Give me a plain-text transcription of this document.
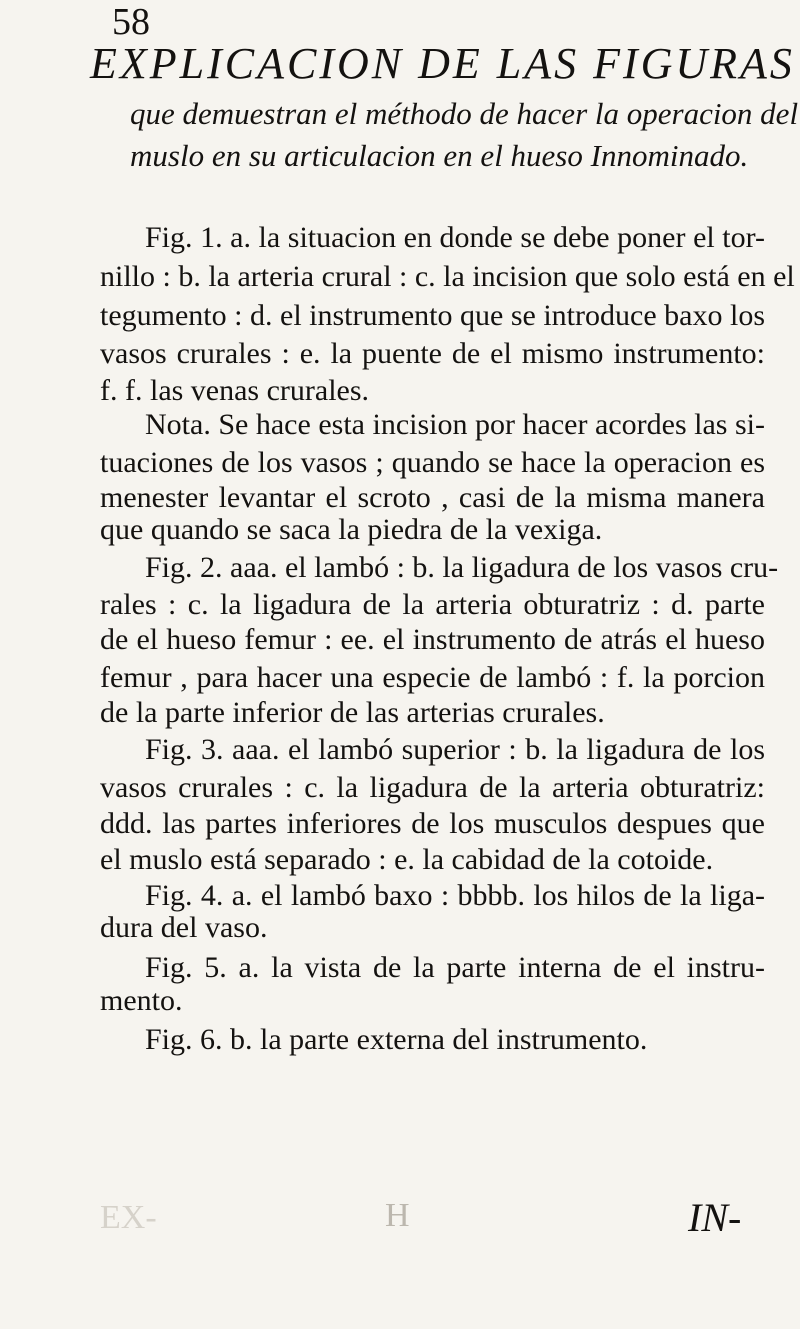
58
EXPLICACION DE LAS FIGURAS
que demuestran el méthodo de hacer la operacion del
muslo en su articulacion en el hueso Innominado.
Fig. 1. a. la situacion en donde se debe poner el tor-
nillo : b. la arteria crural : c. la incision que solo está en el
tegumento : d. el instrumento que se introduce baxo los
vasos crurales : e. la puente de el mismo instrumento:
f. f. las venas crurales.
Nota. Se hace esta incision por hacer acordes las si-
tuaciones de los vasos ; quando se hace la operacion es
menester levantar el scroto , casi de la misma manera
que quando se saca la piedra de la vexiga.
Fig. 2. aaa. el lambó : b. la ligadura de los vasos cru-
rales : c. la ligadura de la arteria obturatriz : d. parte
de el hueso femur : ee. el instrumento de atrás el hueso
femur , para hacer una especie de lambó : f. la porcion
de la parte inferior de las arterias crurales.
Fig. 3. aaa. el lambó superior : b. la ligadura de los
vasos crurales : c. la ligadura de la arteria obturatriz:
ddd. las partes inferiores de los musculos despues que
el muslo está separado : e. la cabidad de la cotoide.
Fig. 4. a. el lambó baxo : bbbb. los hilos de la liga-
dura del vaso.
Fig. 5. a. la vista de la parte interna de el instru-
mento.
Fig. 6. b. la parte externa del instrumento.
EX-	H	IN-
